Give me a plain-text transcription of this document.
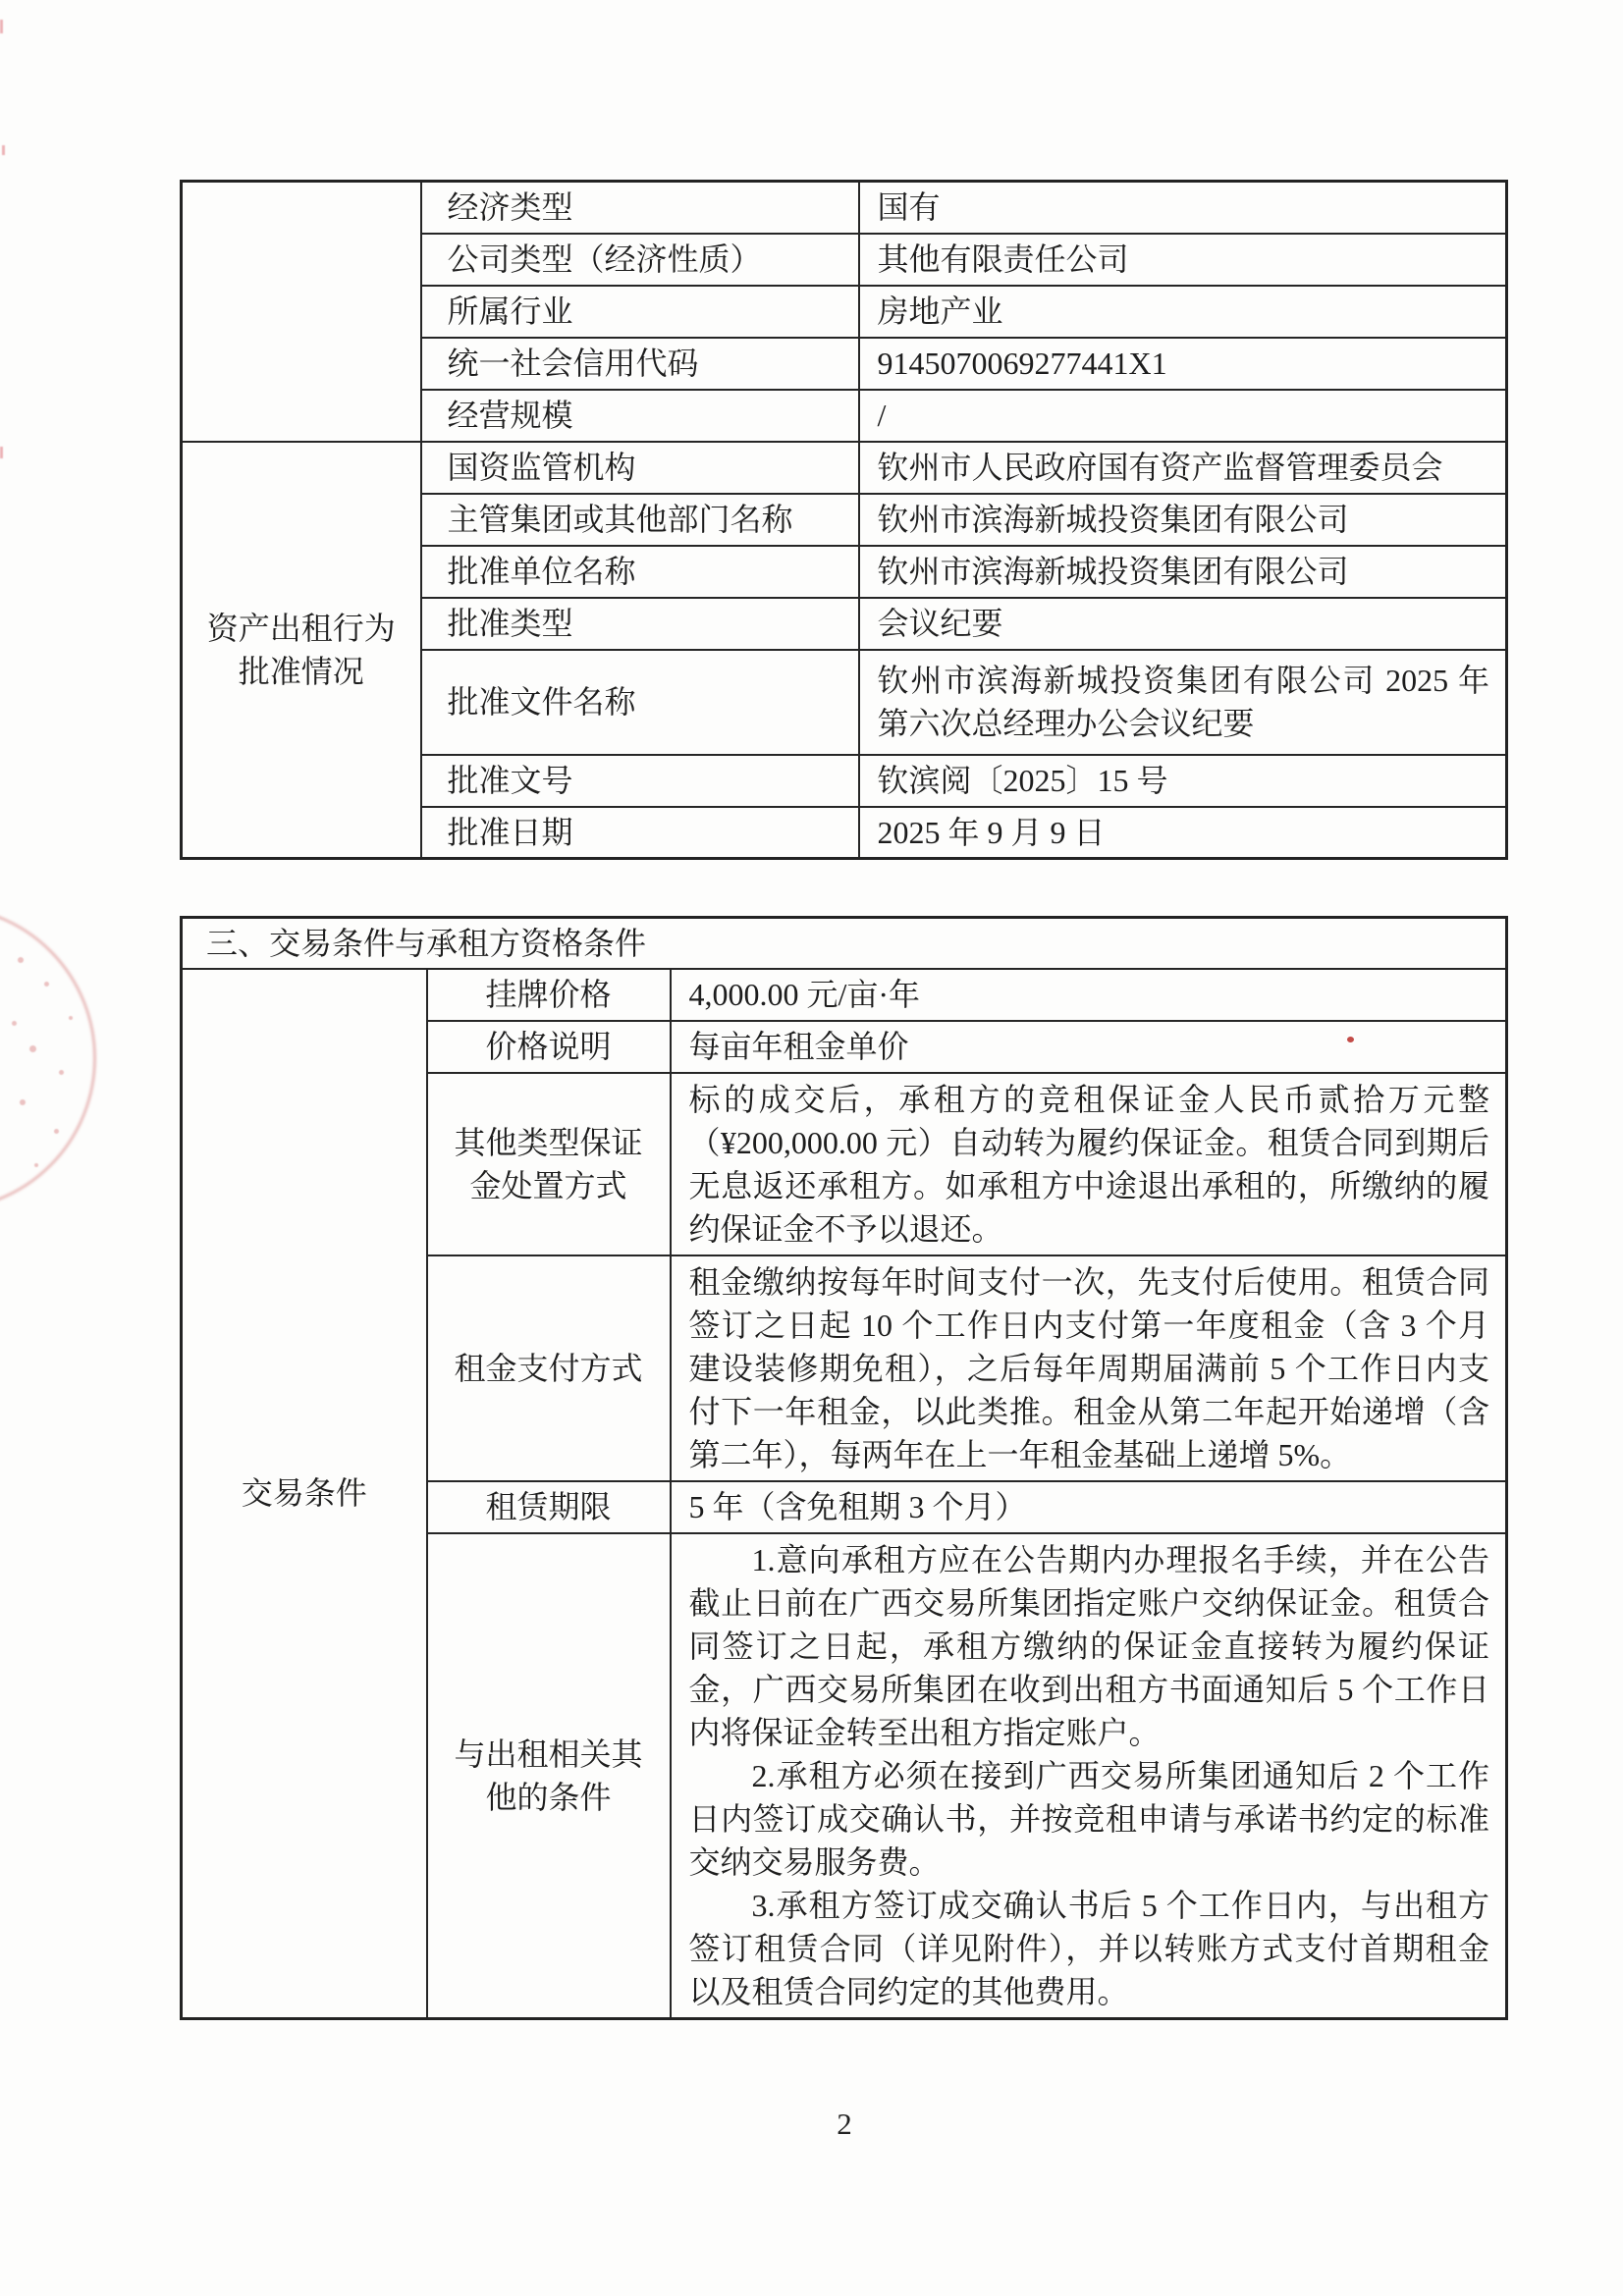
	经济类型	国有
	公司类型（经济性质）	其他有限责任公司
	所属行业	房地产业
	统一社会信用代码	9145070069277441X1
	经营规模	/
资产出租行为批准情况	国资监管机构	钦州市人民政府国有资产监督管理委员会
	主管集团或其他部门名称	钦州市滨海新城投资集团有限公司
	批准单位名称	钦州市滨海新城投资集团有限公司
	批准类型	会议纪要
	批准文件名称	钦州市滨海新城投资集团有限公司 2025 年第六次总经理办公会议纪要
	批准文号	钦滨阅〔2025〕15 号
	批准日期	2025 年 9 月 9 日
三、交易条件与承租方资格条件		
交易条件	挂牌价格	4,000.00 元/亩·年
	价格说明	每亩年租金单价
	其他类型保证金处置方式	标的成交后，承租方的竞租保证金人民币贰拾万元整（¥200,000.00 元）自动转为履约保证金。租赁合同到期后无息返还承租方。如承租方中途退出承租的，所缴纳的履约保证金不予以退还。
	租金支付方式	租金缴纳按每年时间支付一次，先支付后使用。租赁合同签订之日起 10 个工作日内支付第一年度租金（含 3 个月建设装修期免租），之后每年周期届满前 5 个工作日内支付下一年租金，以此类推。租金从第二年起开始递增（含第二年），每两年在上一年租金基础上递增 5%。
	租赁期限	5 年（含免租期 3 个月）
	与出租相关其他的条件	1.意向承租方应在公告期内办理报名手续，并在公告截止日前在广西交易所集团指定账户交纳保证金。租赁合同签订之日起，承租方缴纳的保证金直接转为履约保证金，广西交易所集团在收到出租方书面通知后 5 个工作日内将保证金转至出租方指定账户。

2.承租方必须在接到广西交易所集团通知后 2 个工作日内签订成交确认书，并按竞租申请与承诺书约定的标准交纳交易服务费。

3.承租方签订成交确认书后 5 个工作日内，与出租方签订租赁合同（详见附件），并以转账方式支付首期租金以及租赁合同约定的其他费用。

2
